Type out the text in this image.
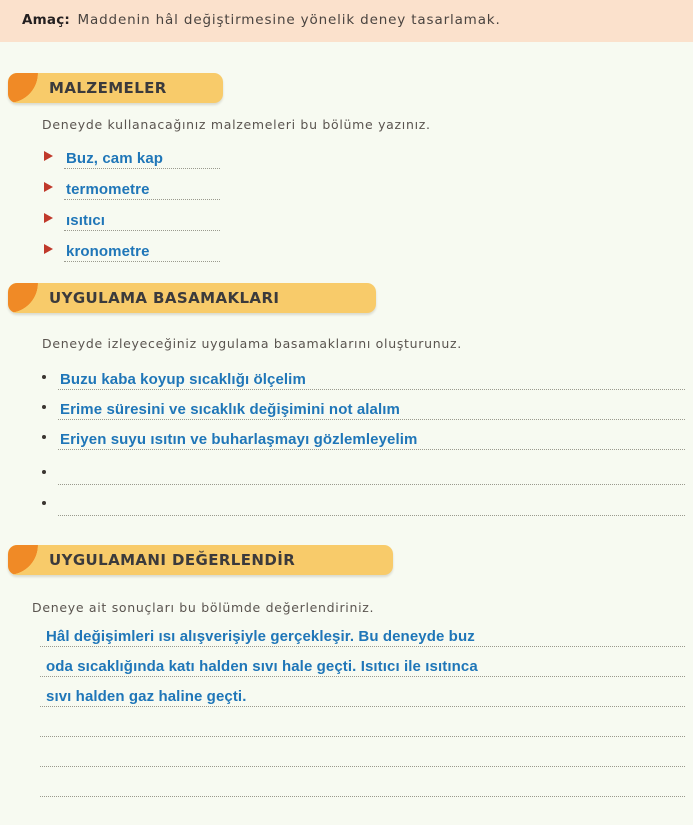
Amaç: Maddenin hâl değiştirmesine yönelik deney tasarlamak.
MALZEMELER
Deneyde kullanacağınız malzemeleri bu bölüme yazınız.
Buz, cam kap
termometre
ısıtıcı
kronometre
UYGULAMA BASAMAKLARI
Deneyde izleyeceğiniz uygulama basamaklarını oluşturunuz.
Buzu kaba koyup sıcaklığı ölçelim
Erime süresini ve sıcaklık değişimini not alalım
Eriyen suyu ısıtın ve buharlaşmayı gözlemleyelim
UYGULAMANI DEĞERLENDİR
Deneye ait sonuçları bu bölümde değerlendiriniz.
Hâl değişimleri ısı alışverişiyle gerçekleşir. Bu deneyde buz
oda sıcaklığında katı halden sıvı hale geçti. Isıtıcı ile ısıtınca
sıvı halden gaz haline geçti.
